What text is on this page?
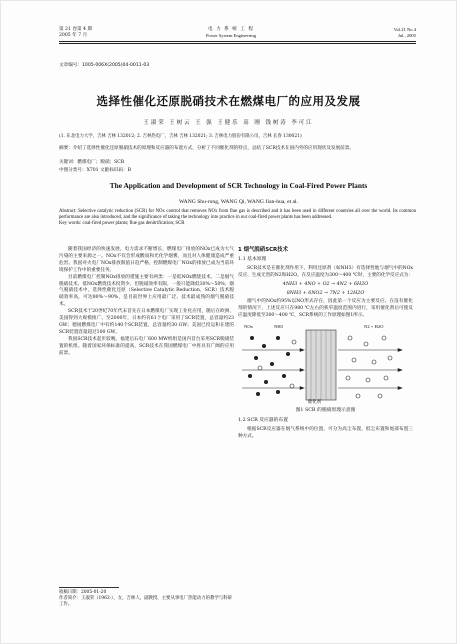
第 21 卷第 4 期
2005 年 7 月
电 力 系 统 工 程
Power System Engineering
Vol.21 No.4
Jul., 2005
文章编号：1005-006X(2005)04-0011-03
选择性催化还原脱硝技术在燃煤电厂的应用及发展
王淑荣 王树云 王 强 王健乐 高 刚 钱树涛 李可江
(1. 东北电力大学，吉林 吉林 132012; 2. 吉林热电厂，吉林 吉林 132021; 3. 吉林电力股份有限公司，吉林 长春 130021)
摘要：介绍了选择性催化还原脱硝技术的原理和反应器的布置方式，分析了不同催化剂的特点，总结了SCR技术在国内外的应用现状及发展前景。
关键词：燃煤电厂；脱硝；SCR
中图分类号：X701 文献标识码：B
The Application and Development of SCR Technology in Coal-Fired Power Plants
WANG Shu-rong, WANG Qi, WANG Jian-hua, et al.
Abstract: Selective catalytic reduction (SCR) for NOx control that removes NOx from flue gas is described and it has been used in different countries all over the world. Its common performance are also introduced, and the significance of taking the technology into practice in our coal-fired power plants has been addressed.
Key words: coal-fired power plants; flue gas denitrification; SCR

随着我国经济的快速发展，电力需求不断增长，燃煤电厂排放的NOx已成为大气污染的主要来源之一。NOx不仅会形成酸雨和光化学烟雾，而且对人体健康造成严重危害。我国对火电厂NOx排放限值日趋严格，控制燃煤电厂NOx的排放已成为当前环境保护工作中的重要任务。

目前燃煤电厂控制NOx排放的措施主要有两类：一是低NOx燃烧技术，二是烟气脱硝技术。低NOx燃烧技术投资少，但脱硝效率有限，一般只能降低30%～50%；烟气脱硝技术中，选择性催化还原（Selective Catalytic Reduction，SCR）技术脱硝效率高，可达80%～90%，是目前世界上应用最广泛、技术最成熟的烟气脱硝技术。

SCR技术于20世纪70年代末首先在日本燃煤电厂实现工业化应用，随后在欧洲、美国得到大规模推广。至2000年，日本约有61个电厂采用了SCR装置，总容量约23 GW；德国燃煤电厂中有约140个SCR装置，总容量约30 GW；美国已投运和在建的SCR装置容量超过100 GW。

我国SCR技术起步较晚，福建后石电厂600 MW机组是国内首台采用SCR脱硝装置的机组。随着国家环保标准的提高，SCR技术在我国燃煤电厂中将具有广阔的应用前景。

1 烟气脱硝SCR技术
1.1 基本原理

SCR技术是在催化剂作用下，利用还原剂（如NH3）有选择性地与烟气中的NOx反应，生成无害的N2和H2O。在反应温度为300～400 ℃时，主要的化学反应式为：

4NH3 + 4NO + O2 → 4N2 + 6H2O
8NH3 + 6NO2 → 7N2 + 12H2O

烟气中的NOx约95%以NO形式存在，因此第一个反应为主要反应。在没有催化剂的情况下，上述反应只在980 ℃左右的狭窄温度范围内进行，采用催化剂后可使反应温度降低至300～400 ℃，SCR系统的工作原理如图1所示。

NOx	NH3
催化剂
N2 + H2O
图1 SCR 的脱硝原理示意图
1.2 SCR 反应器的布置

根据SCR反应器在烟气系统中的位置，可分为高尘布置、低尘布置和尾部布置三种方式。

收稿日期：2005-01-20
作者简介：王淑荣（1963-），女，吉林人，副教授，主要从事电厂热能动力的教学与科研工作。
